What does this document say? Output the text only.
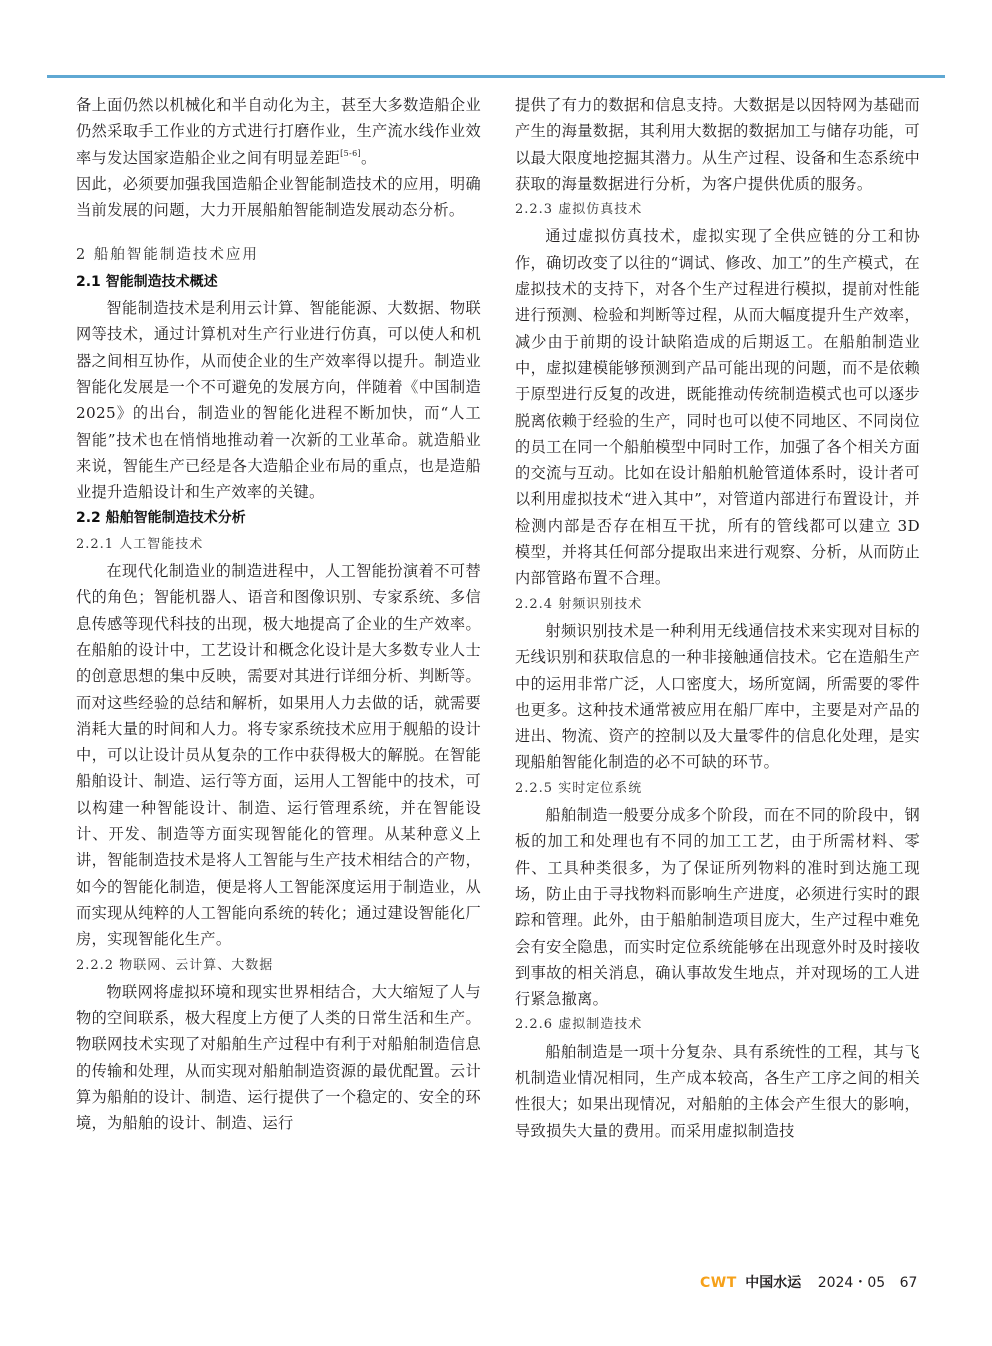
备上面仍然以机械化和半自动化为主，甚至大多数造船企业仍然采取手工作业的方式进行打磨作业，生产流水线作业效率与发达国家造船企业之间有明显差距[5-6]。

因此，必须要加强我国造船企业智能制造技术的应用，明确当前发展的问题，大力开展船舶智能制造发展动态分析。

2 船舶智能制造技术应用
2.1 智能制造技术概述

智能制造技术是利用云计算、智能能源、大数据、物联网等技术，通过计算机对生产行业进行仿真，可以使人和机器之间相互协作，从而使企业的生产效率得以提升。制造业智能化发展是一个不可避免的发展方向，伴随着《中国制造 2025》的出台，制造业的智能化进程不断加快，而“人工智能”技术也在悄悄地推动着一次新的工业革命。就造船业来说，智能生产已经是各大造船企业布局的重点，也是造船业提升造船设计和生产效率的关键。

2.2 船舶智能制造技术分析
2.2.1 人工智能技术

在现代化制造业的制造进程中，人工智能扮演着不可替代的角色；智能机器人、语音和图像识别、专家系统、多信息传感等现代科技的出现，极大地提高了企业的生产效率。在船舶的设计中，工艺设计和概念化设计是大多数专业人士的创意思想的集中反映，需要对其进行详细分析、判断等。而对这些经验的总结和解析，如果用人力去做的话，就需要消耗大量的时间和人力。将专家系统技术应用于舰船的设计中，可以让设计员从复杂的工作中获得极大的解脱。在智能船舶设计、制造、运行等方面，运用人工智能中的技术，可以构建一种智能设计、制造、运行管理系统，并在智能设计、开发、制造等方面实现智能化的管理。从某种意义上讲，智能制造技术是将人工智能与生产技术相结合的产物，如今的智能化制造，便是将人工智能深度运用于制造业，从而实现从纯粹的人工智能向系统的转化；通过建设智能化厂房，实现智能化生产。

2.2.2 物联网、云计算、大数据

物联网将虚拟环境和现实世界相结合，大大缩短了人与物的空间联系，极大程度上方便了人类的日常生活和生产。物联网技术实现了对船舶生产过程中有利于对船舶制造信息的传输和处理，从而实现对船舶制造资源的最优配置。云计算为船舶的设计、制造、运行提供了一个稳定的、安全的环境，为船舶的设计、制造、运行

提供了有力的数据和信息支持。大数据是以因特网为基础而产生的海量数据，其利用大数据的数据加工与储存功能，可以最大限度地挖掘其潜力。从生产过程、设备和生态系统中获取的海量数据进行分析，为客户提供优质的服务。

2.2.3 虚拟仿真技术

通过虚拟仿真技术，虚拟实现了全供应链的分工和协作，确切改变了以往的“调试、修改、加工”的生产模式，在虚拟技术的支持下，对各个生产过程进行模拟，提前对性能进行预测、检验和判断等过程，从而大幅度提升生产效率，减少由于前期的设计缺陷造成的后期返工。在船舶制造业中，虚拟建模能够预测到产品可能出现的问题，而不是依赖于原型进行反复的改进，既能推动传统制造模式也可以逐步脱离依赖于经验的生产，同时也可以使不同地区、不同岗位的员工在同一个船舶模型中同时工作，加强了各个相关方面的交流与互动。比如在设计船舶机舱管道体系时，设计者可以利用虚拟技术“进入其中”，对管道内部进行布置设计，并检测内部是否存在相互干扰，所有的管线都可以建立 3D 模型，并将其任何部分提取出来进行观察、分析，从而防止内部管路布置不合理。

2.2.4 射频识别技术

射频识别技术是一种利用无线通信技术来实现对目标的无线识别和获取信息的一种非接触通信技术。它在造船生产中的运用非常广泛，人口密度大，场所宽阔，所需要的零件也更多。这种技术通常被应用在船厂库中，主要是对产品的进出、物流、资产的控制以及大量零件的信息化处理，是实现船舶智能化制造的必不可缺的环节。

2.2.5 实时定位系统

船舶制造一般要分成多个阶段，而在不同的阶段中，钢板的加工和处理也有不同的加工工艺，由于所需材料、零件、工具种类很多，为了保证所列物料的准时到达施工现场，防止由于寻找物料而影响生产进度，必须进行实时的跟踪和管理。此外，由于船舶制造项目庞大，生产过程中难免会有安全隐患，而实时定位系统能够在出现意外时及时接收到事故的相关消息，确认事故发生地点，并对现场的工人进行紧急撤离。

2.2.6 虚拟制造技术

船舶制造是一项十分复杂、具有系统性的工程，其与飞机制造业情况相同，生产成本较高，各生产工序之间的相关性很大；如果出现情况，对船舶的主体会产生很大的影响，导致损失大量的费用。而采用虚拟制造技

CWT 中国水运 2024・05 67
